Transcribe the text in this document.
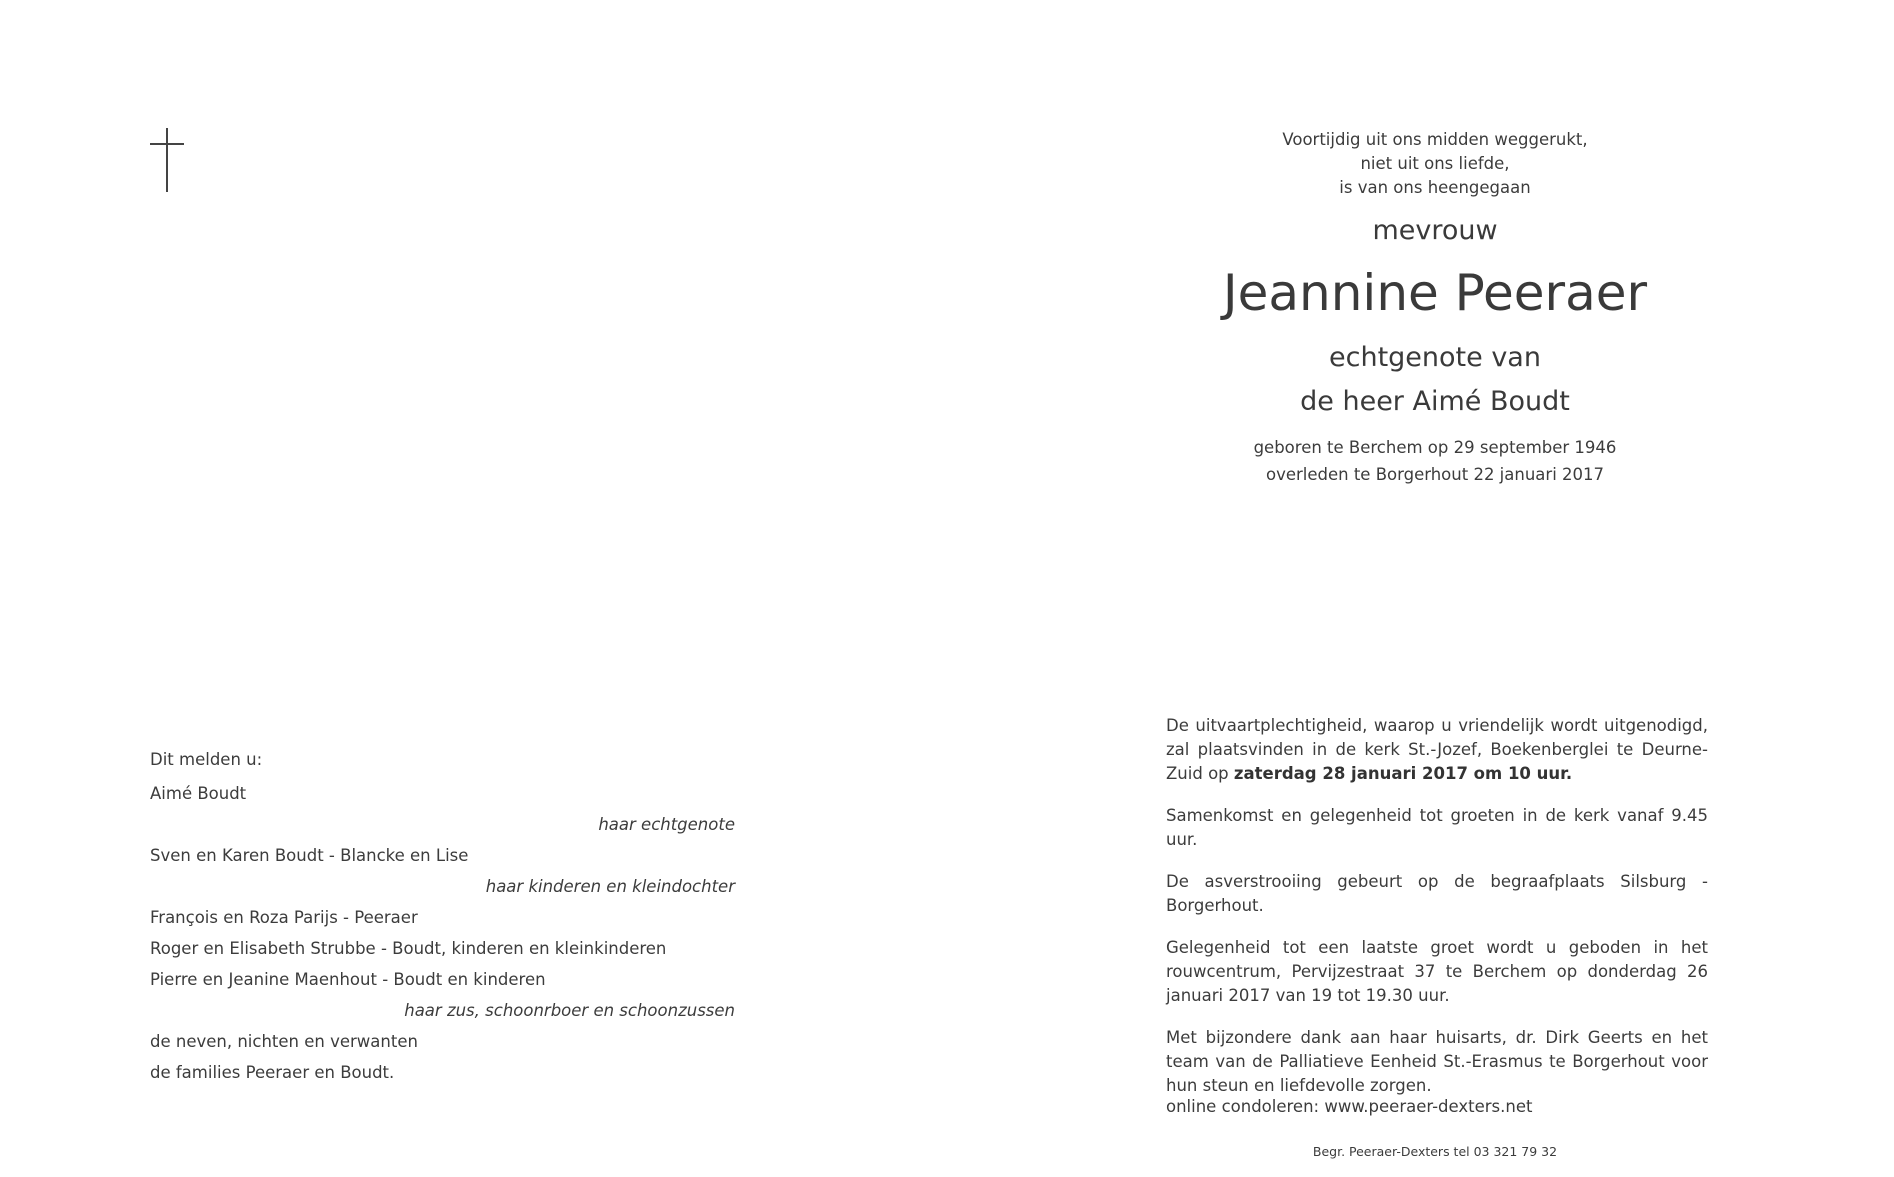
Voortijdig uit ons midden weggerukt,
niet uit ons liefde,
is van ons heengegaan
mevrouw
Jeannine Peeraer
echtgenote van
de heer Aimé Boudt
geboren te Berchem op 29 september 1946
overleden te Borgerhout 22 januari 2017
Dit melden u:
Aimé Boudt
haar echtgenote
Sven en Karen Boudt - Blancke en Lise
haar kinderen en kleindochter
François en Roza Parijs - Peeraer
Roger en Elisabeth Strubbe - Boudt, kinderen en kleinkinderen
Pierre en Jeanine Maenhout - Boudt en kinderen
haar zus, schoonrboer en schoonzussen
de neven, nichten en verwanten
de families Peeraer en Boudt.

De uitvaartplechtigheid, waarop u vriendelijk wordt uitgenodigd, zal plaatsvinden in de kerk St.-Jozef, Boekenberglei te Deurne-Zuid op zaterdag 28 januari 2017 om 10 uur.

Samenkomst en gelegenheid tot groeten in de kerk vanaf 9.45 uur.

De asverstrooiing gebeurt op de begraafplaats Silsburg - Borgerhout.

Gelegenheid tot een laatste groet wordt u geboden in het rouwcentrum, Pervijzestraat 37 te Berchem op donderdag 26 januari 2017 van 19 tot 19.30 uur.

Met bijzondere dank aan haar huisarts, dr. Dirk Geerts en het team van de Palliatieve Eenheid St.-Erasmus te Borgerhout voor hun steun en liefdevolle zorgen.

online condoleren: www.peeraer-dexters.net
Begr. Peeraer-Dexters tel 03 321 79 32
